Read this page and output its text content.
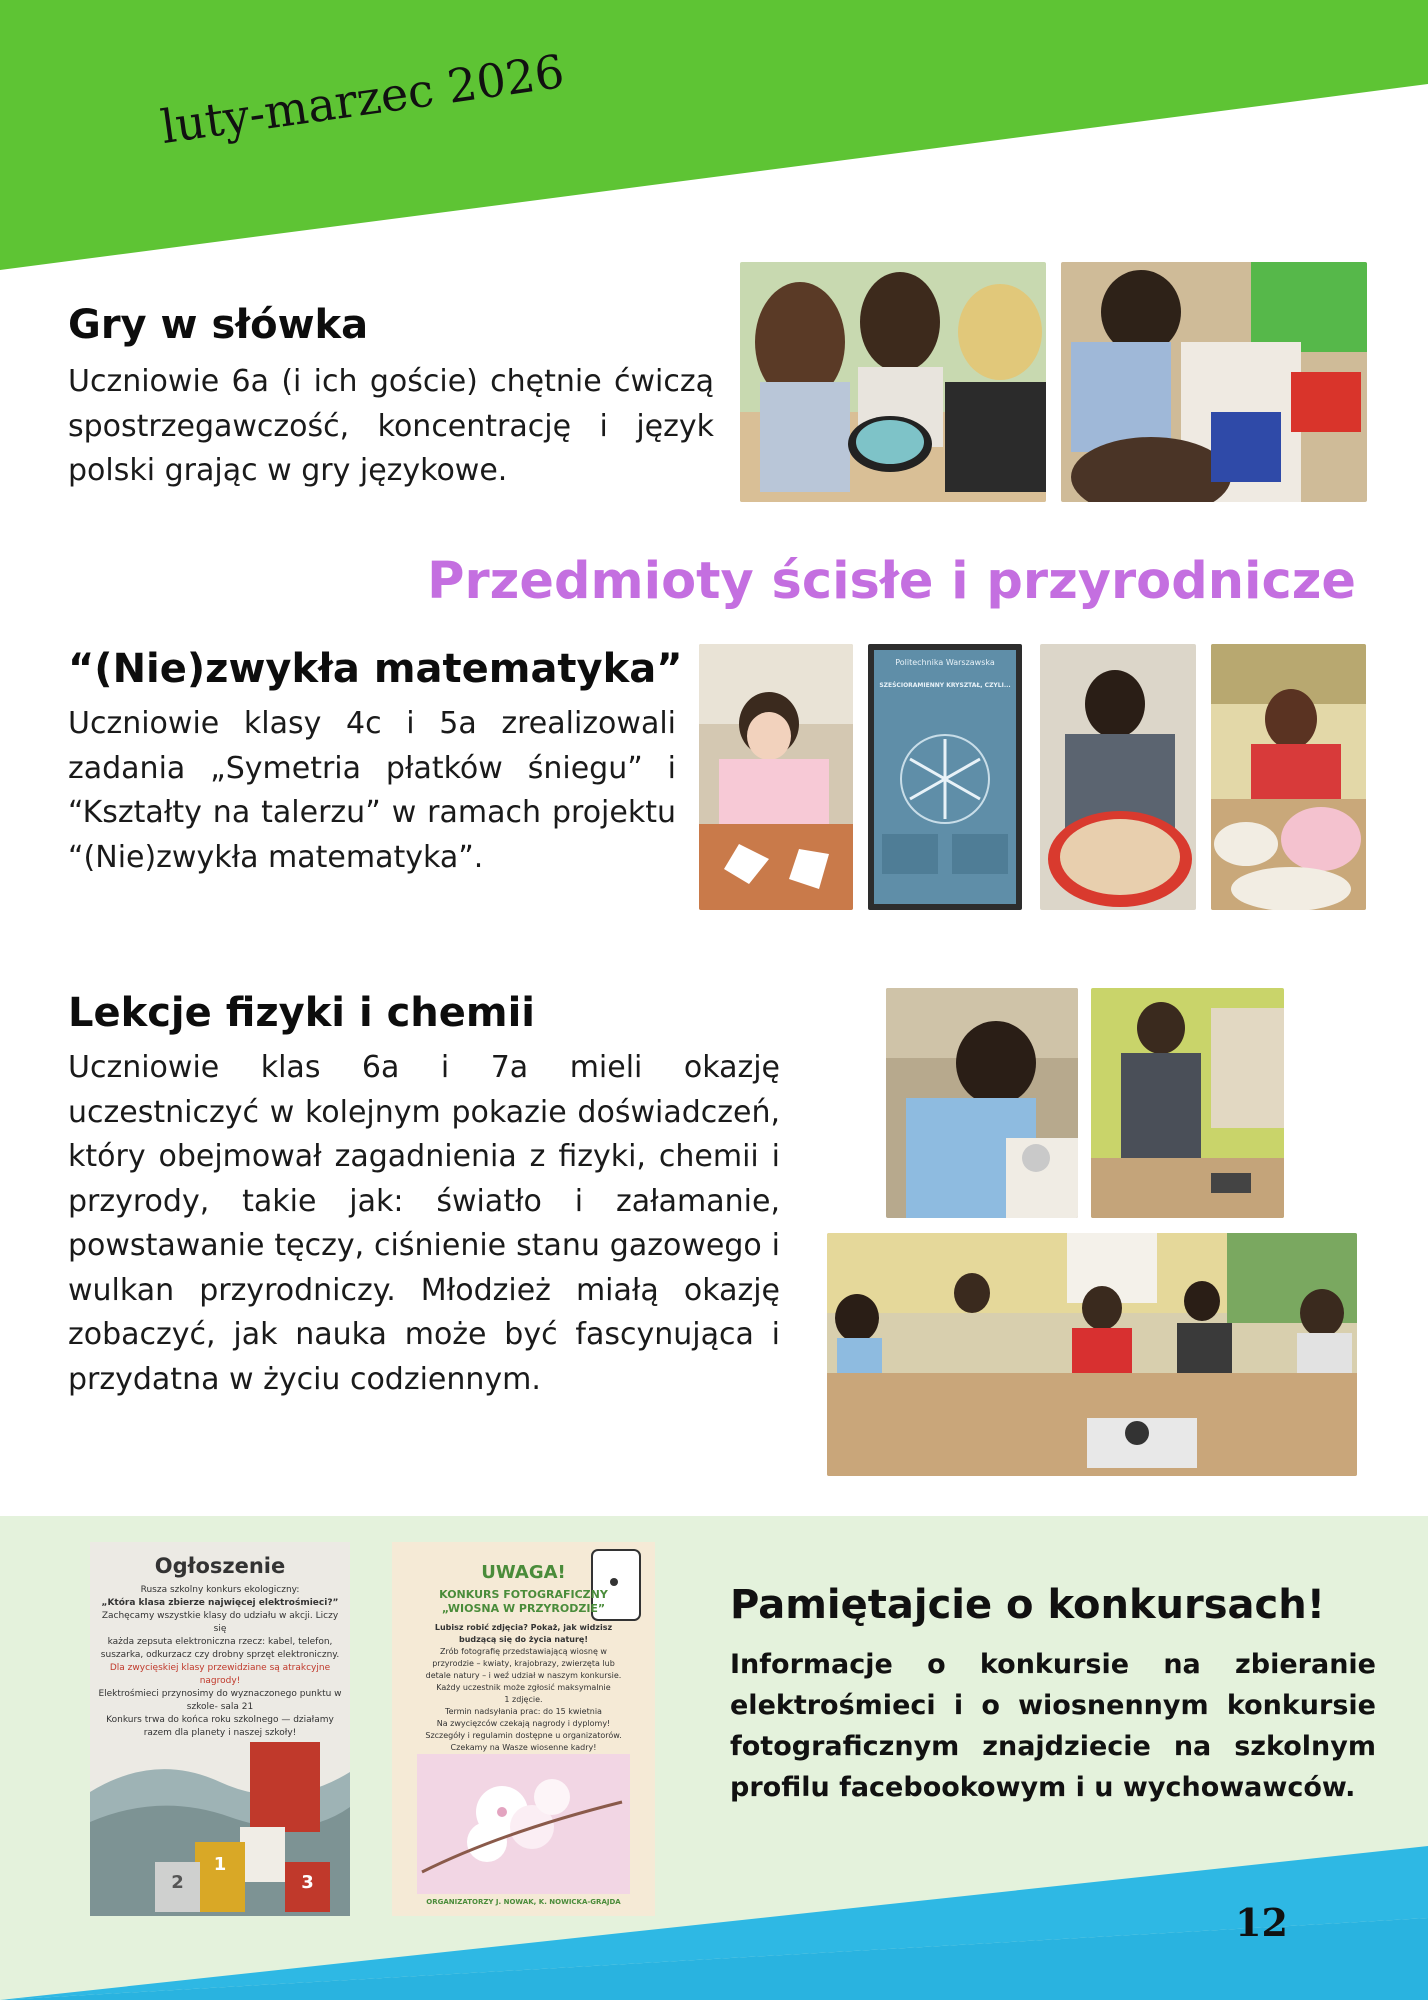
luty-marzec 2026
Gry w słówka
Uczniowie 6a (i ich goście) chętnie ćwiczą spostrzegawczość, koncentrację i język polski grając w gry językowe.
Przedmioty ścisłe i przyrodnicze
“(Nie)zwykła matematyka”
Uczniowie klasy 4c i 5a zrealizowali zadania „Symetria płatków śniegu” i “Kształty na talerzu” w ramach projektu “(Nie)zwykła matematyka”.
Politechnika Warszawska
SZEŚCIORAMIENNY KRYSZTAŁ, CZYLI...
Lekcje fizyki i chemii
Uczniowie klas 6a i 7a mieli okazję uczestniczyć w kolejnym pokazie doświadczeń, który obejmował zagadnienia z fizyki, chemii i przyrody, takie jak: światło i załamanie, powstawanie tęczy, ciśnienie stanu gazowego i wulkan przyrodniczy. Młodzież miałą okazję zobaczyć, jak nauka może być fascynująca i przydatna w życiu codziennym.
Ogłoszenie
Rusza szkolny konkurs ekologiczny:
„Która klasa zbierze najwięcej elektrośmieci?”
Zachęcamy wszystkie klasy do udziału w akcji. Liczy się
każda zepsuta elektroniczna rzecz: kabel, telefon,
suszarka, odkurzacz czy drobny sprzęt elektroniczny.
Dla zwycięskiej klasy przewidziane są atrakcyjne nagrody!
Elektrośmieci przynosimy do wyznaczonego punktu w
szkole- sala 21
Konkurs trwa do końca roku szkolnego — działamy
razem dla planety i naszej szkoły!
2
1
3
UWAGA!
KONKURS FOTOGRAFICZNY
„WIOSNA W PRZYRODZIE”
Lubisz robić zdjęcia? Pokaż, jak widzisz
budzącą się do życia naturę!
Zrób fotografię przedstawiającą wiosnę w
przyrodzie – kwiaty, krajobrazy, zwierzęta lub
detale natury – i weź udział w naszym konkursie.
Każdy uczestnik może zgłosić maksymalnie
1 zdjęcie.
Termin nadsyłania prac: do 15 kwietnia
Na zwycięzców czekają nagrody i dyplomy!
Szczegóły i regulamin dostępne u organizatorów.
Czekamy na Wasze wiosenne kadry!
ORGANIZATORZY J. NOWAK, K. NOWICKA-GRAJDA
Pamiętajcie o konkursach!
Informacje o konkursie na zbieranie elektrośmieci i o wiosnennym konkursie fotograficznym znajdziecie na szkolnym profilu facebookowym i u wychowawców.
12
